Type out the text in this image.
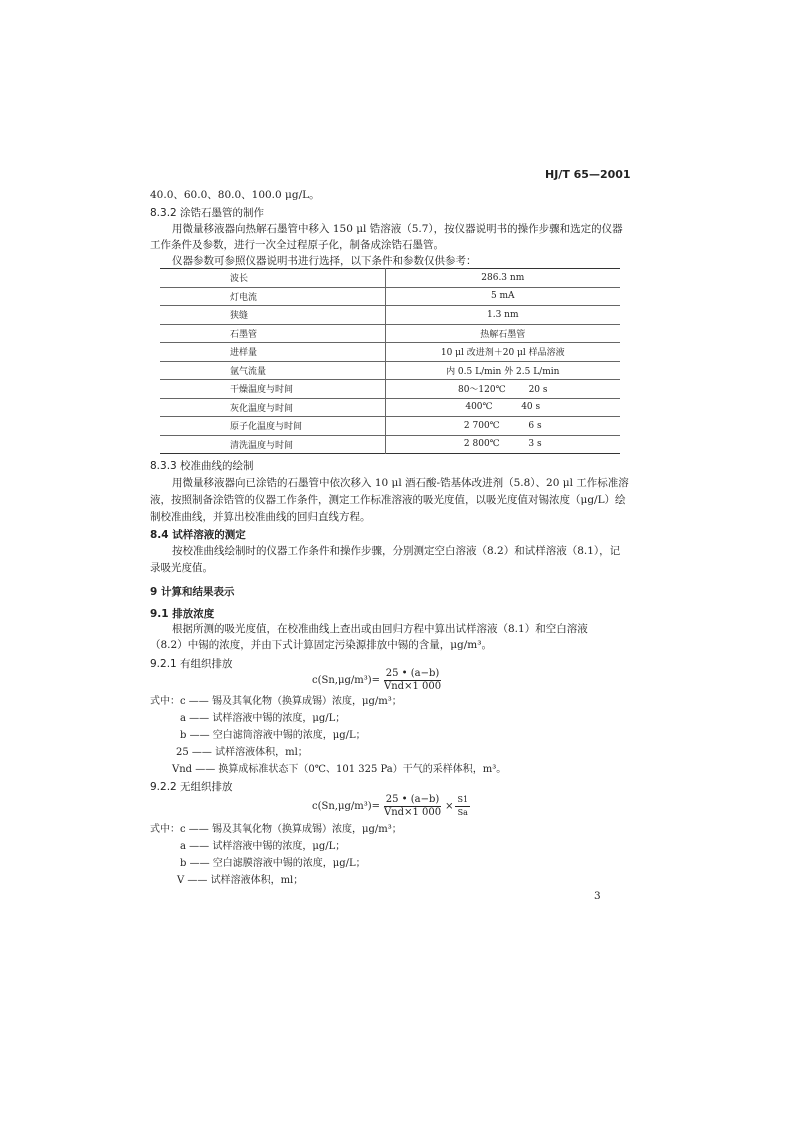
HJ/T 65—2001
40.0、60.0、80.0、100.0 μg/L。
8.3.2 涂锆石墨管的制作
用微量移液器向热解石墨管中移入 150 μl 锆溶液（5.7），按仪器说明书的操作步骤和选定的仪器
工作条件及参数，进行一次全过程原子化，制备成涂锆石墨管。
仪器参数可参照仪器说明书进行选择，以下条件和参数仅供参考：
波长	286.3 nm
灯电流	5 mA
狭缝	1.3 nm
石墨管	热解石墨管
进样量	10 μl 改进剂＋20 μl 样品溶液
氩气流量	内 0.5 L/min 外 2.5 L/min
干燥温度与时间	80～120℃        20 s
灰化温度与时间	400℃          40 s
原子化温度与时间	2 700℃          6 s
清洗温度与时间	2 800℃          3 s
8.3.3 校准曲线的绘制
用微量移液器向已涂锆的石墨管中依次移入 10 μl 酒石酸-锆基体改进剂（5.8）、20 μl 工作标准溶
液，按照制备涂锆管的仪器工作条件，测定工作标准溶液的吸光度值，以吸光度值对锡浓度（μg/L）绘
制校准曲线，并算出校准曲线的回归直线方程。
8.4 试样溶液的测定
按校准曲线绘制时的仪器工作条件和操作步骤，分别测定空白溶液（8.2）和试样溶液（8.1），记
录吸光度值。
9 计算和结果表示
9.1 排放浓度
根据所测的吸光度值，在校准曲线上查出或由回归方程中算出试样溶液（8.1）和空白溶液
（8.2）中锡的浓度，并由下式计算固定污染源排放中锡的含量，μg/m³。
9.2.1 有组织排放
$c(Sn,\mu g/m^3)= \frac{25 • (a-b)}{\text{Vnd×1 000}}$
式中：c —— 锡及其氧化物（换算成锡）浓度，μg/m³；
a —— 试样溶液中锡的浓度，μg/L；
b —— 空白滤筒溶液中锡的浓度，μg/L；
25 —— 试样溶液体积，ml；
Vnd —— 换算成标准状态下（0℃、101 325 Pa）干气的采样体积，m³。
9.2.2 无组织排放
$c(Sn,\mu g/m^3)= \frac{25 • (a-b)}{\text{Vnd×1 000}} \times \frac{S1}{Sa}$
式中：c —— 锡及其氧化物（换算成锡）浓度，μg/m³；
a —— 试样溶液中锡的浓度，μg/L；
b —— 空白滤膜溶液中锡的浓度，μg/L；
V —— 试样溶液体积，ml；
3
